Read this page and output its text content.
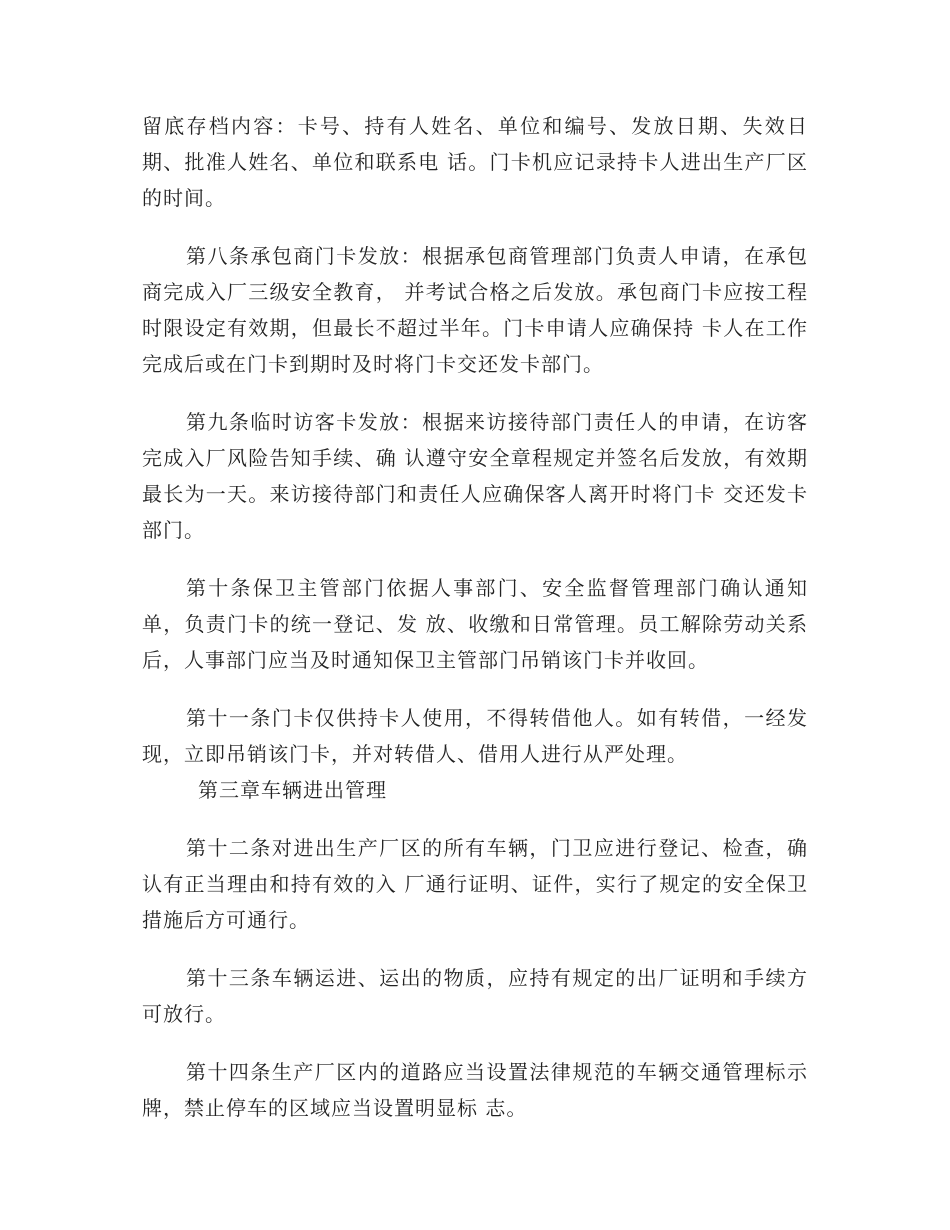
留底存档内容：卡号、持有人姓名、单位和编号、发放日期、失效日期、批准人姓名、单位和联系电 话。门卡机应记录持卡人进出生产厂区的时间。

第八条承包商门卡发放：根据承包商管理部门负责人申请，在承包商完成入厂三级安全教育， 并考试合格之后发放。承包商门卡应按工程时限设定有效期，但最长不超过半年。门卡申请人应确保持 卡人在工作完成后或在门卡到期时及时将门卡交还发卡部门。

第九条临时访客卡发放：根据来访接待部门责任人的申请，在访客完成入厂风险告知手续、确 认遵守安全章程规定并签名后发放，有效期最长为一天。来访接待部门和责任人应确保客人离开时将门卡 交还发卡部门。

第十条保卫主管部门依据人事部门、安全监督管理部门确认通知单，负责门卡的统一登记、发 放、收缴和日常管理。员工解除劳动关系后，人事部门应当及时通知保卫主管部门吊销该门卡并收回。

第十一条门卡仅供持卡人使用，不得转借他人。如有转借，一经发现，立即吊销该门卡，并对转借人、借用人进行从严处理。

第三章车辆进出管理

第十二条对进出生产厂区的所有车辆，门卫应进行登记、检查，确认有正当理由和持有效的入 厂通行证明、证件，实行了规定的安全保卫措施后方可通行。

第十三条车辆运进、运出的物质，应持有规定的出厂证明和手续方可放行。

第十四条生产厂区内的道路应当设置法律规范的车辆交通管理标示牌，禁止停车的区域应当设置明显标 志。
